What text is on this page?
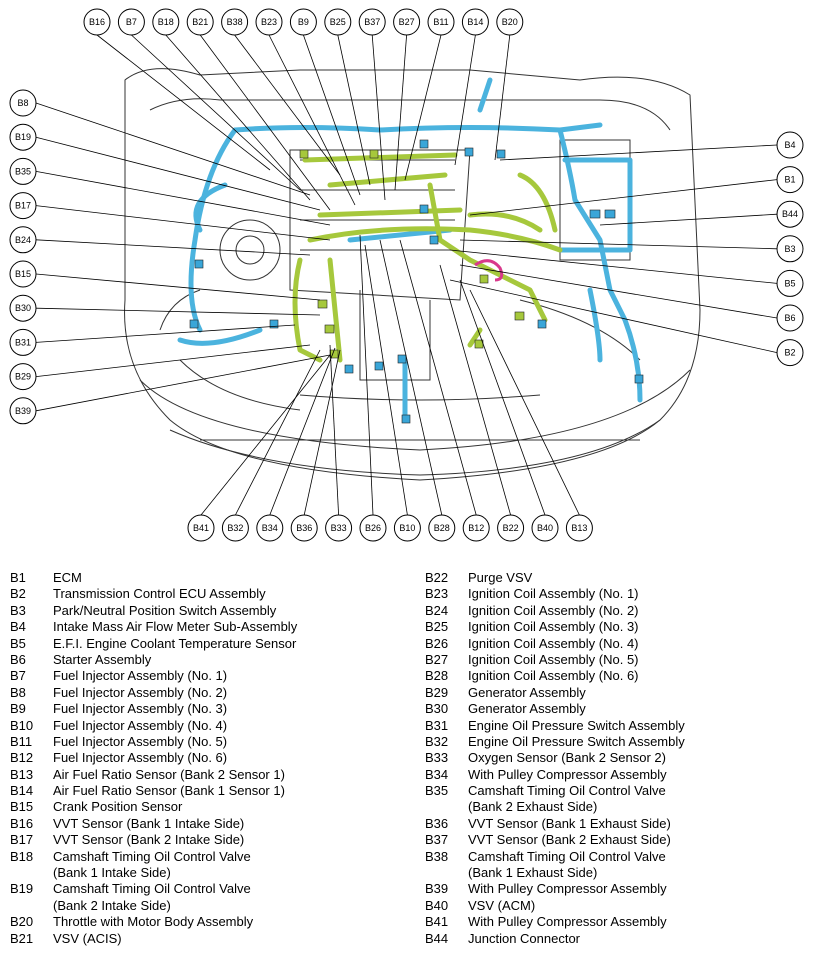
B16 B7 B18 B21 B38 B23 B9 B25 B37 B27 B11 B14 B20
B8
B19
B35
B17
B24
B15
B30
B31
B29
B39
B4
B1
B44
B3
B5
B6
B2
B41 B32 B34 B36 B33 B26 B10 B28 B12 B22 B40 B13
B1 ECM
B2 Transmission Control ECU Assembly
B3 Park/Neutral Position Switch Assembly
B4 Intake Mass Air Flow Meter Sub-Assembly
B5 E.F.I. Engine Coolant Temperature Sensor
B6 Starter Assembly
B7 Fuel Injector Assembly (No. 1)
B8 Fuel Injector Assembly (No. 2)
B9 Fuel Injector Assembly (No. 3)
B10 Fuel Injector Assembly (No. 4)
B11 Fuel Injector Assembly (No. 5)
B12 Fuel Injector Assembly (No. 6)
B13 Air Fuel Ratio Sensor (Bank 2 Sensor 1)
B14 Air Fuel Ratio Sensor (Bank 1 Sensor 1)
B15 Crank Position Sensor
B16 VVT Sensor (Bank 1 Intake Side)
B17 VVT Sensor (Bank 2 Intake Side)
B18 Camshaft Timing Oil Control Valve
(Bank 1 Intake Side)
B19 Camshaft Timing Oil Control Valve
(Bank 2 Intake Side)
B20 Throttle with Motor Body Assembly
B21 VSV (ACIS)
B22 Purge VSV
B23 Ignition Coil Assembly (No. 1)
B24 Ignition Coil Assembly (No. 2)
B25 Ignition Coil Assembly (No. 3)
B26 Ignition Coil Assembly (No. 4)
B27 Ignition Coil Assembly (No. 5)
B28 Ignition Coil Assembly (No. 6)
B29 Generator Assembly
B30 Generator Assembly
B31 Engine Oil Pressure Switch Assembly
B32 Engine Oil Pressure Switch Assembly
B33 Oxygen Sensor (Bank 2 Sensor 2)
B34 With Pulley Compressor Assembly
B35 Camshaft Timing Oil Control Valve
(Bank 2 Exhaust Side)
B36 VVT Sensor (Bank 1 Exhaust Side)
B37 VVT Sensor (Bank 2 Exhaust Side)
B38 Camshaft Timing Oil Control Valve
(Bank 1 Exhaust Side)
B39 With Pulley Compressor Assembly
B40 VSV (ACM)
B41 With Pulley Compressor Assembly
B44 Junction Connector
